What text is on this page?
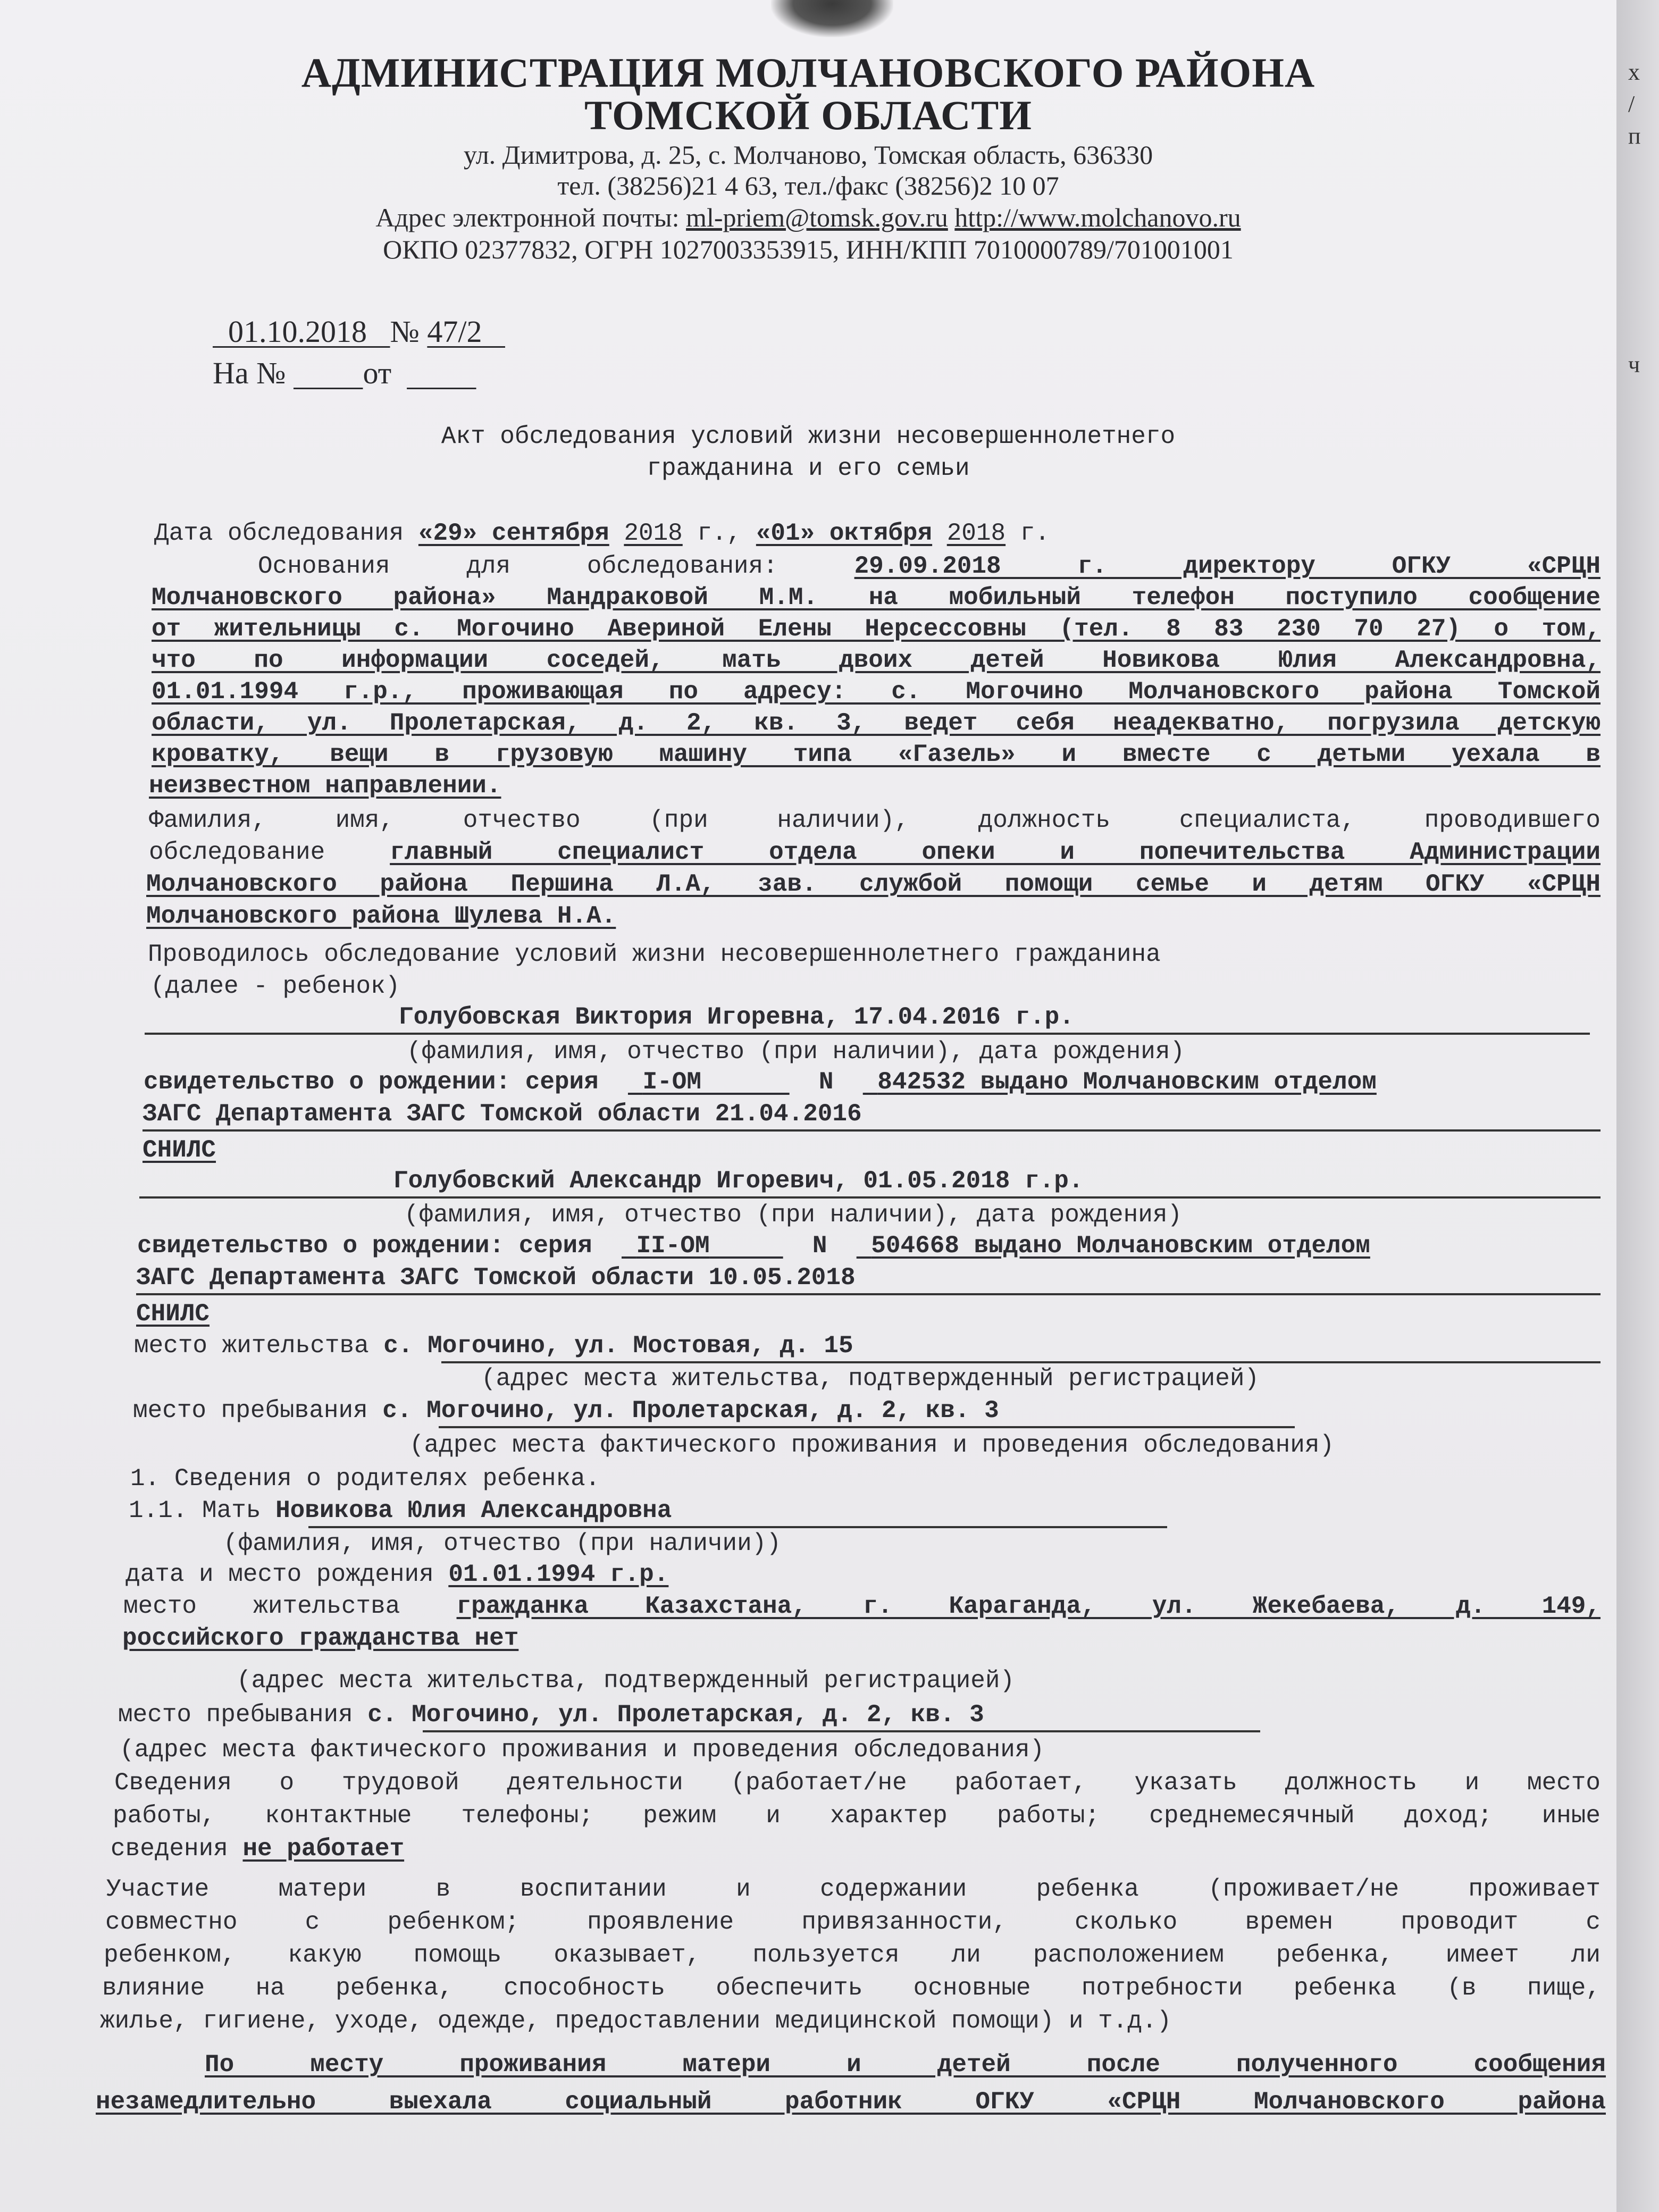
x
/
п
ч
АДМИНИСТРАЦИЯ МОЛЧАНОВСКОГО РАЙОНА
ТОМСКОЙ ОБЛАСТИ
ул. Димитрова, д. 25, с. Молчаново, Томская область, 636330
тел. (38256)21 4 63, тел./факс (38256)2 10 07
Адрес электронной почты: ml-priem@tomsk.gov.ru http://www.molchanovo.ru
ОКПО 02377832, ОГРН 1027003353915, ИНН/КПП 7010000789/701001001
01.10.2018 № 47/2
На №	от
Акт обследования условий жизни несовершеннолетнего
гражданина и его семьи
Дата обследования «29» сентября 2018 г., «01» октября 2018 г.
Основания для обследования:	29.09.2018 г. директору ОГКУ «СРЦН
Молчановского района» Мандраковой М.М. на мобильный телефон поступило сообщение
от жительницы с. Могочино Авериной Елены Нерсессовны (тел. 8 83 230 70 27) о том,
что по информации соседей, мать двоих детей Новикова Юлия Александровна,
01.01.1994 г.р., проживающая по адресу: с. Могочино Молчановского района Томской
области, ул. Пролетарская, д. 2, кв. 3, ведет себя неадекватно, погрузила детскую
кроватку, вещи в грузовую машину типа «Газель» и вместе с детьми уехала в
неизвестном направлении.
Фамилия, имя, отчество (при наличии), должность специалиста, проводившего
обследование	главный специалист отдела опеки и попечительства Администрации
Молчановского района Першина Л.А, зав. службой помощи семье и детям ОГКУ «СРЦН
Молчановского района Шулева Н.А.
Проводилось обследование условий жизни несовершеннолетнего гражданина
(далее - ребенок)
Голубовская Виктория Игоревна, 17.04.2016 г.р.
(фамилия, имя, отчество (при наличии), дата рождения)
свидетельство о рождении: серия I-ОМ	N 842532 выдано Молчановским отделом
ЗАГС Департамента ЗАГС Томской области 21.04.2016
СНИЛС
Голубовский Александр Игоревич, 01.05.2018 г.р.
(фамилия, имя, отчество (при наличии), дата рождения)
свидетельство о рождении: серия II-ОМ	N 504668 выдано Молчановским отделом
ЗАГС Департамента ЗАГС Томской области 10.05.2018
СНИЛС
место жительства с. Могочино, ул. Мостовая, д. 15
(адрес места жительства, подтвержденный регистрацией)
место пребывания с. Могочино, ул. Пролетарская, д. 2, кв. 3
(адрес места фактического проживания и проведения обследования)
1. Сведения о родителях ребенка.
1.1. Мать Новикова Юлия Александровна
(фамилия, имя, отчество (при наличии))
дата и место рождения 01.01.1994 г.р.
место жительства гражданка Казахстана, г. Караганда, ул. Жекебаева, д. 149,
российского гражданства нет
(адрес места жительства, подтвержденный регистрацией)
место пребывания с. Могочино, ул. Пролетарская, д. 2, кв. 3
(адрес места фактического проживания и проведения обследования)
Сведения о трудовой деятельности (работает/не работает, указать должность и место
работы, контактные телефоны; режим и характер работы; среднемесячный доход; иные
сведения не работает
Участие матери в воспитании и содержании ребенка (проживает/не проживает
совместно с ребенком; проявление привязанности, сколько времен проводит с
ребенком, какую помощь оказывает, пользуется ли расположением ребенка, имеет ли
влияние на ребенка, способность обеспечить основные потребности ребенка (в пище,
жилье, гигиене, уходе, одежде, предоставлении медицинской помощи) и т.д.)
По месту проживания матери и детей после полученного сообщения
незамедлительно выехала социальный работник ОГКУ «СРЦН Молчановского района
